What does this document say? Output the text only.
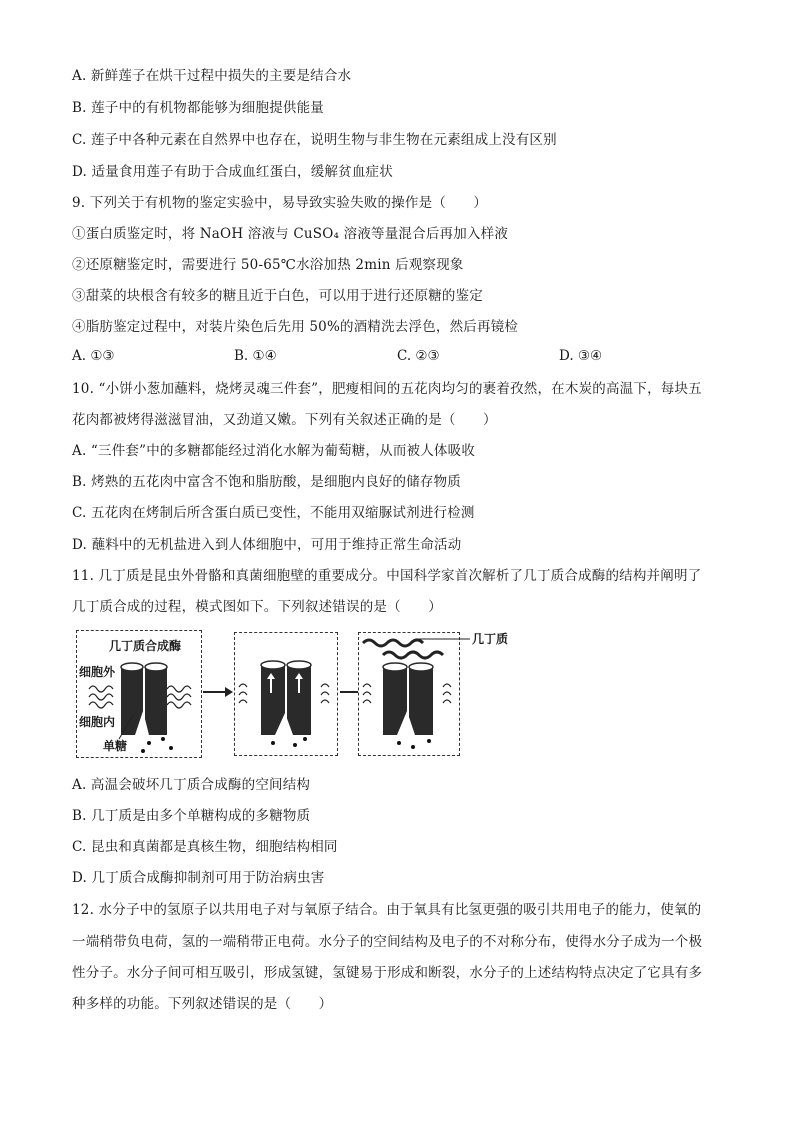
A. 新鲜莲子在烘干过程中损失的主要是结合水
B. 莲子中的有机物都能够为细胞提供能量
C. 莲子中各种元素在自然界中也存在，说明生物与非生物在元素组成上没有区别
D. 适量食用莲子有助于合成血红蛋白，缓解贫血症状
9. 下列关于有机物的鉴定实验中，易导致实验失败的操作是（　　）
①蛋白质鉴定时，将 NaOH 溶液与 CuSO₄ 溶液等量混合后再加入样液
②还原糖鉴定时，需要进行 50-65℃水浴加热 2min 后观察现象
③甜菜的块根含有较多的糖且近于白色，可以用于进行还原糖的鉴定
④脂肪鉴定过程中，对装片染色后先用 50%的酒精洗去浮色，然后再镜检
A. ①③	B. ①④	C. ②③	D. ③④
10. “小饼小葱加蘸料，烧烤灵魂三件套”，肥瘦相间的五花肉均匀的裹着孜然，在木炭的高温下，每块五
花肉都被烤得滋滋冒油，又劲道又嫩。下列有关叙述正确的是（　　）
A. “三件套”中的多糖都能经过消化水解为葡萄糖，从而被人体吸收
B. 烤熟的五花肉中富含不饱和脂肪酸，是细胞内良好的储存物质
C. 五花肉在烤制后所含蛋白质已变性，不能用双缩脲试剂进行检测
D. 蘸料中的无机盐进入到人体细胞中，可用于维持正常生命活动
11. 几丁质是昆虫外骨骼和真菌细胞壁的重要成分。中国科学家首次解析了几丁质合成酶的结构并阐明了
几丁质合成的过程，模式图如下。下列叙述错误的是（　　）
几丁质合成酶
细胞外
细胞内
单糖
几丁质
A. 高温会破坏几丁质合成酶的空间结构
B. 几丁质是由多个单糖构成的多糖物质
C. 昆虫和真菌都是真核生物，细胞结构相同
D. 几丁质合成酶抑制剂可用于防治病虫害
12. 水分子中的氢原子以共用电子对与氧原子结合。由于氧具有比氢更强的吸引共用电子的能力，使氧的
一端稍带负电荷，氢的一端稍带正电荷。水分子的空间结构及电子的不对称分布，使得水分子成为一个极
性分子。水分子间可相互吸引，形成氢键，氢键易于形成和断裂，水分子的上述结构特点决定了它具有多
种多样的功能。下列叙述错误的是（　　）
